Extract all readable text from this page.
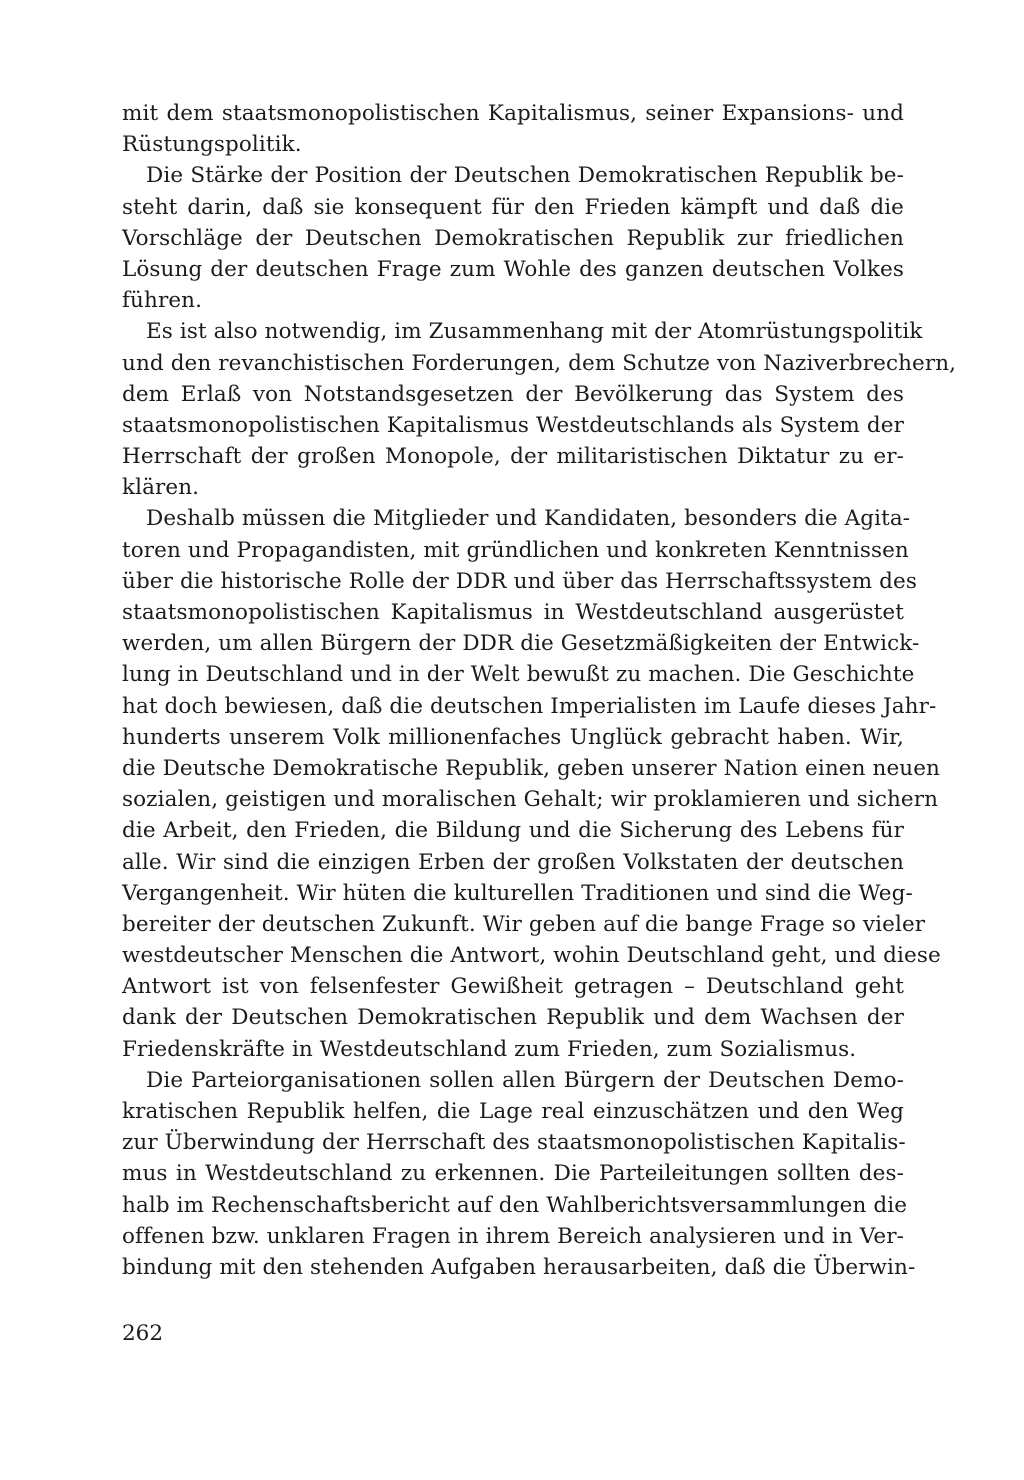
mit dem staatsmonopolistischen Kapitalismus, seiner Expansions- und
Rüstungspolitik.
Die Stärke der Position der Deutschen Demokratischen Republik be-
steht darin, daß sie konsequent für den Frieden kämpft und daß die
Vorschläge der Deutschen Demokratischen Republik zur friedlichen
Lösung der deutschen Frage zum Wohle des ganzen deutschen Volkes
führen.
Es ist also notwendig, im Zusammenhang mit der Atomrüstungspolitik
und den revanchistischen Forderungen, dem Schutze von Naziverbrechern,
dem Erlaß von Notstandsgesetzen der Bevölkerung das System des
staatsmonopolistischen Kapitalismus Westdeutschlands als System der
Herrschaft der großen Monopole, der militaristischen Diktatur zu er-
klären.
Deshalb müssen die Mitglieder und Kandidaten, besonders die Agita-
toren und Propagandisten, mit gründlichen und konkreten Kenntnissen
über die historische Rolle der DDR und über das Herrschaftssystem des
staatsmonopolistischen Kapitalismus in Westdeutschland ausgerüstet
werden, um allen Bürgern der DDR die Gesetzmäßigkeiten der Entwick-
lung in Deutschland und in der Welt bewußt zu machen. Die Geschichte
hat doch bewiesen, daß die deutschen Imperialisten im Laufe dieses Jahr-
hunderts unserem Volk millionenfaches Unglück gebracht haben. Wir,
die Deutsche Demokratische Republik, geben unserer Nation einen neuen
sozialen, geistigen und moralischen Gehalt; wir proklamieren und sichern
die Arbeit, den Frieden, die Bildung und die Sicherung des Lebens für
alle. Wir sind die einzigen Erben der großen Volkstaten der deutschen
Vergangenheit. Wir hüten die kulturellen Traditionen und sind die Weg-
bereiter der deutschen Zukunft. Wir geben auf die bange Frage so vieler
westdeutscher Menschen die Antwort, wohin Deutschland geht, und diese
Antwort ist von felsenfester Gewißheit getragen – Deutschland geht
dank der Deutschen Demokratischen Republik und dem Wachsen der
Friedenskräfte in Westdeutschland zum Frieden, zum Sozialismus.
Die Parteiorganisationen sollen allen Bürgern der Deutschen Demo-
kratischen Republik helfen, die Lage real einzuschätzen und den Weg
zur Überwindung der Herrschaft des staatsmonopolistischen Kapitalis-
mus in Westdeutschland zu erkennen. Die Parteileitungen sollten des-
halb im Rechenschaftsbericht auf den Wahlberichtsversammlungen die
offenen bzw. unklaren Fragen in ihrem Bereich analysieren und in Ver-
bindung mit den stehenden Aufgaben herausarbeiten, daß die Überwin-
262
